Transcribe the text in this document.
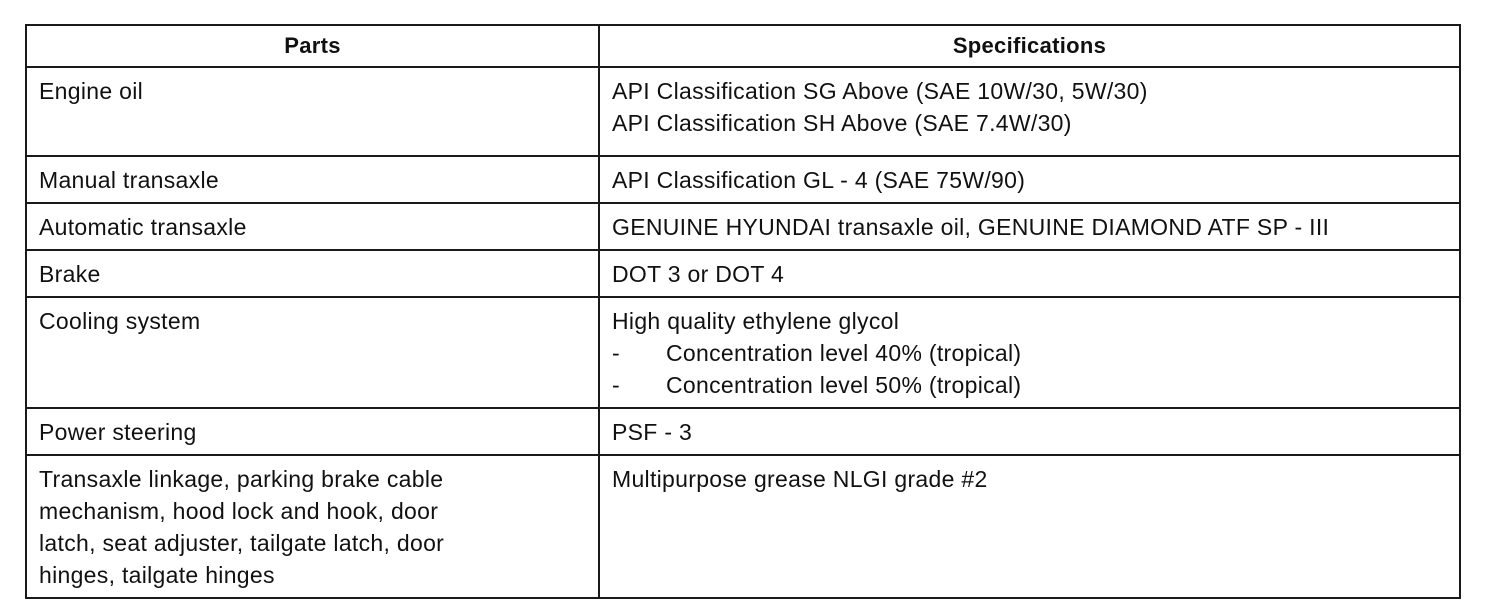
Parts	Specifications

Engine oil	API Classification SG Above (SAE 10W/30, 5W/30)
API Classification SH Above (SAE 7.4W/30)

Manual transaxle	API Classification GL - 4 (SAE 75W/90)

Automatic transaxle	GENUINE HYUNDAI transaxle oil, GENUINE DIAMOND ATF SP - III

Brake	DOT 3 or DOT 4

Cooling system	High quality ethylene glycol
- Concentration level 40% (tropical)
- Concentration level 50% (tropical)

Power steering	PSF - 3

Transaxle linkage, parking brake cable
mechanism, hood lock and hook, door
latch, seat adjuster, tailgate latch, door
hinges, tailgate hinges	Multipurpose grease NLGI grade #2
